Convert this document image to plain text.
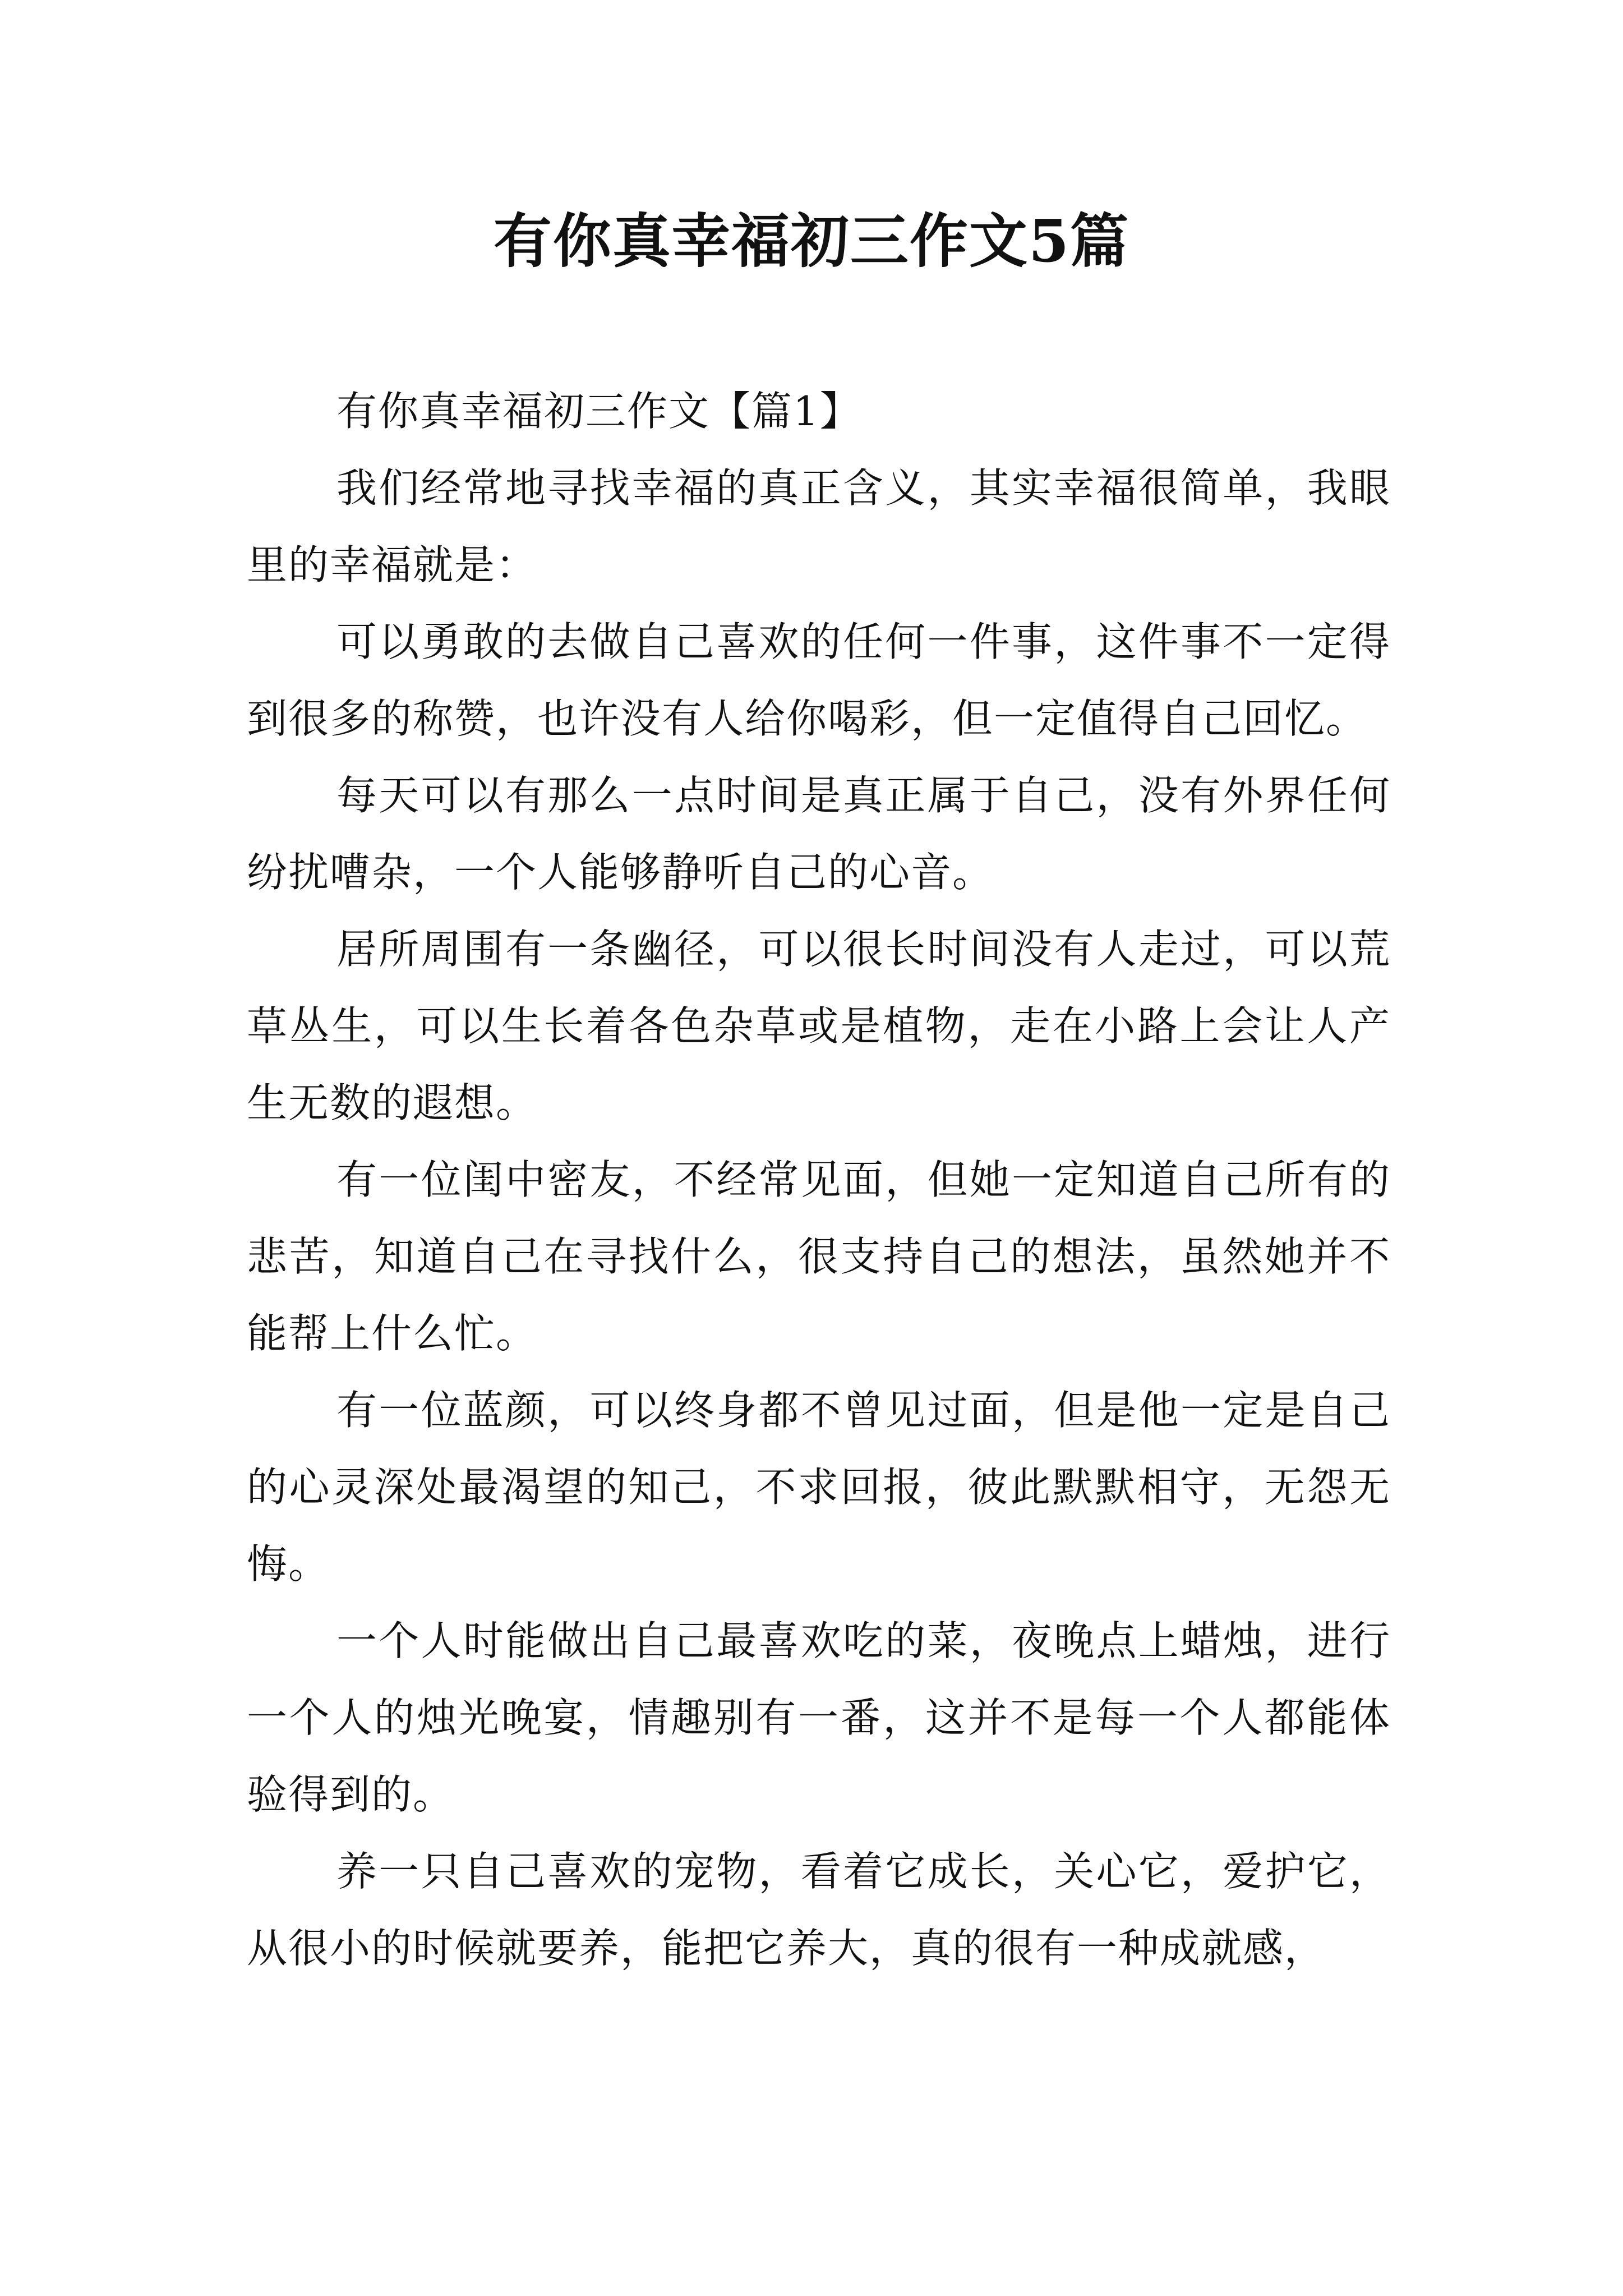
有你真幸福初三作文5篇

有你真幸福初三作文【篇1】

我们经常地寻找幸福的真正含义，其实幸福很简单，我眼里的幸福就是：

可以勇敢的去做自己喜欢的任何一件事，这件事不一定得到很多的称赞，也许没有人给你喝彩，但一定值得自己回忆。

每天可以有那么一点时间是真正属于自己，没有外界任何纷扰嘈杂，一个人能够静听自己的心音。

居所周围有一条幽径，可以很长时间没有人走过，可以荒草丛生，可以生长着各色杂草或是植物，走在小路上会让人产生无数的遐想。

有一位闺中密友，不经常见面，但她一定知道自己所有的悲苦，知道自己在寻找什么，很支持自己的想法，虽然她并不能帮上什么忙。

有一位蓝颜，可以终身都不曾见过面，但是他一定是自己的心灵深处最渴望的知己，不求回报，彼此默默相守，无怨无悔。

一个人时能做出自己最喜欢吃的菜，夜晚点上蜡烛，进行一个人的烛光晚宴，情趣别有一番，这并不是每一个人都能体验得到的。

养一只自己喜欢的宠物，看着它成长，关心它，爱护它，从很小的时候就要养，能把它养大，真的很有一种成就感，
